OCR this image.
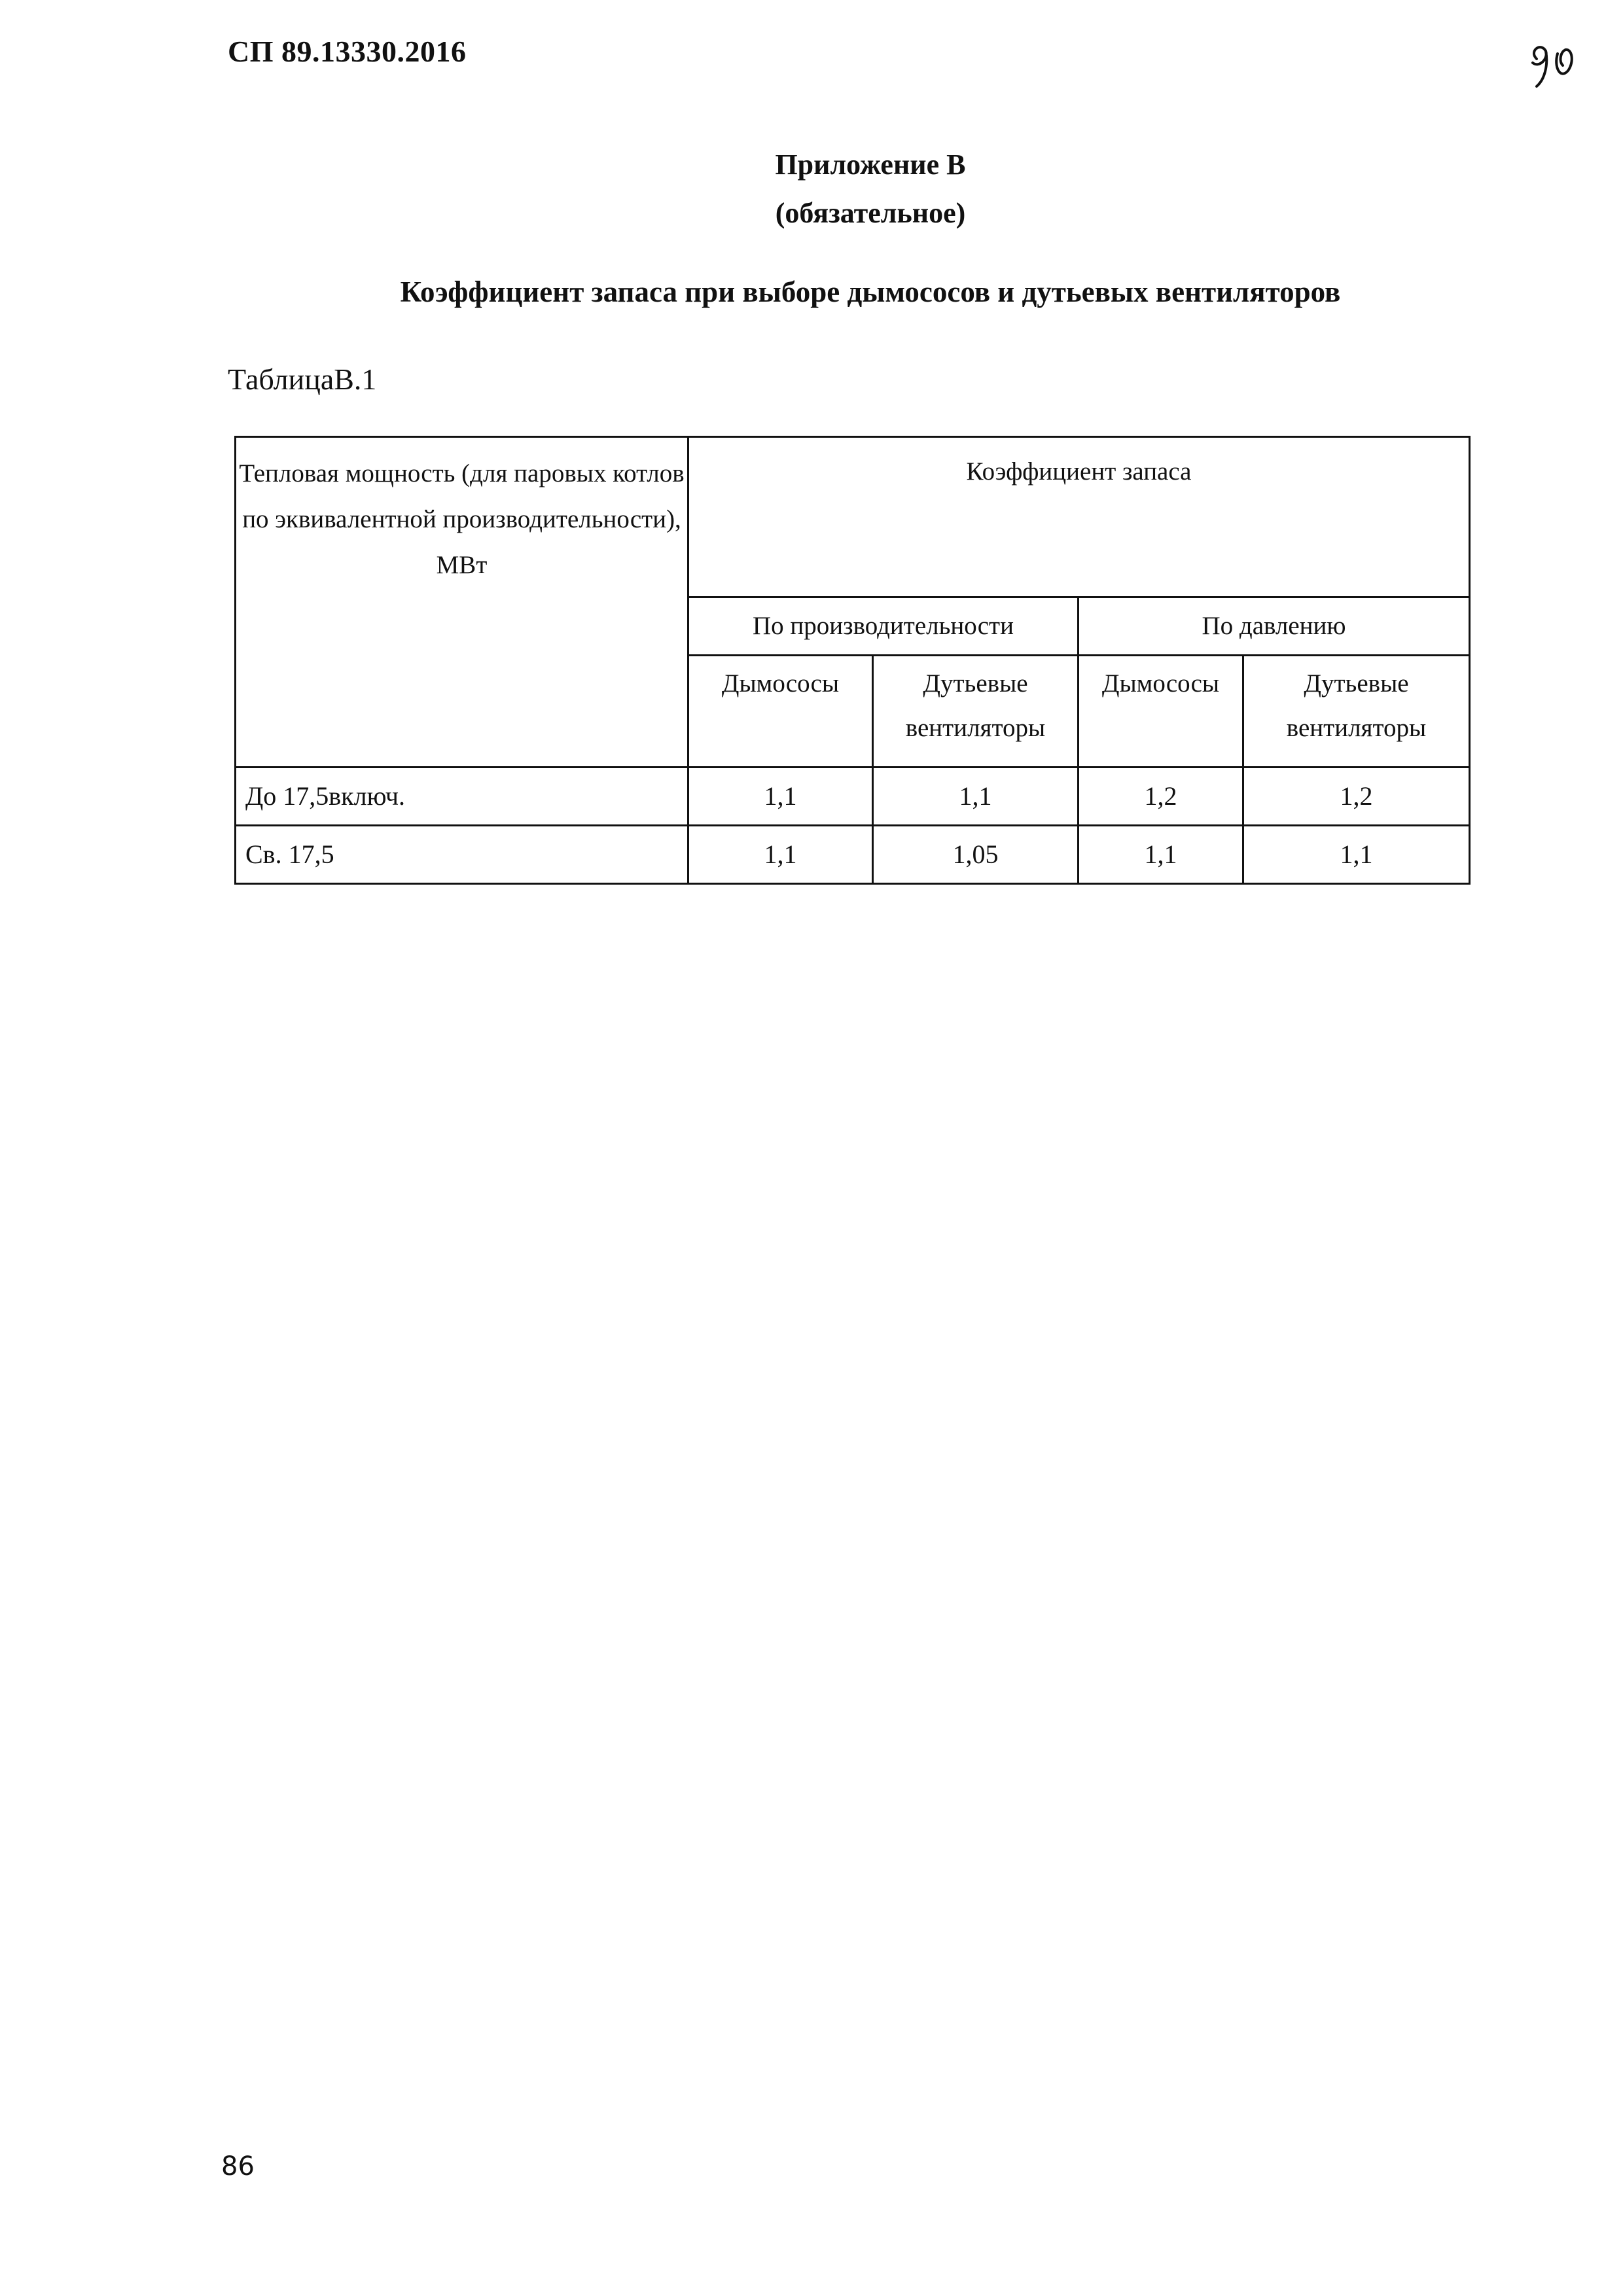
СП 89.13330.2016
Приложение В
(обязательное)
Коэффициент запаса при выборе дымососов и дутьевых вентиляторов
ТаблицаВ.1
Тепловая мощность (для паровых котлов по эквивалентной производительности), МВт	Коэффициент запаса			
	По производительности		По давлению	
	Дымососы	Дутьевые вентиляторы	Дымососы	Дутьевые вентиляторы
До 17,5включ.	1,1	1,1	1,2	1,2
Св. 17,5	1,1	1,05	1,1	1,1
86
